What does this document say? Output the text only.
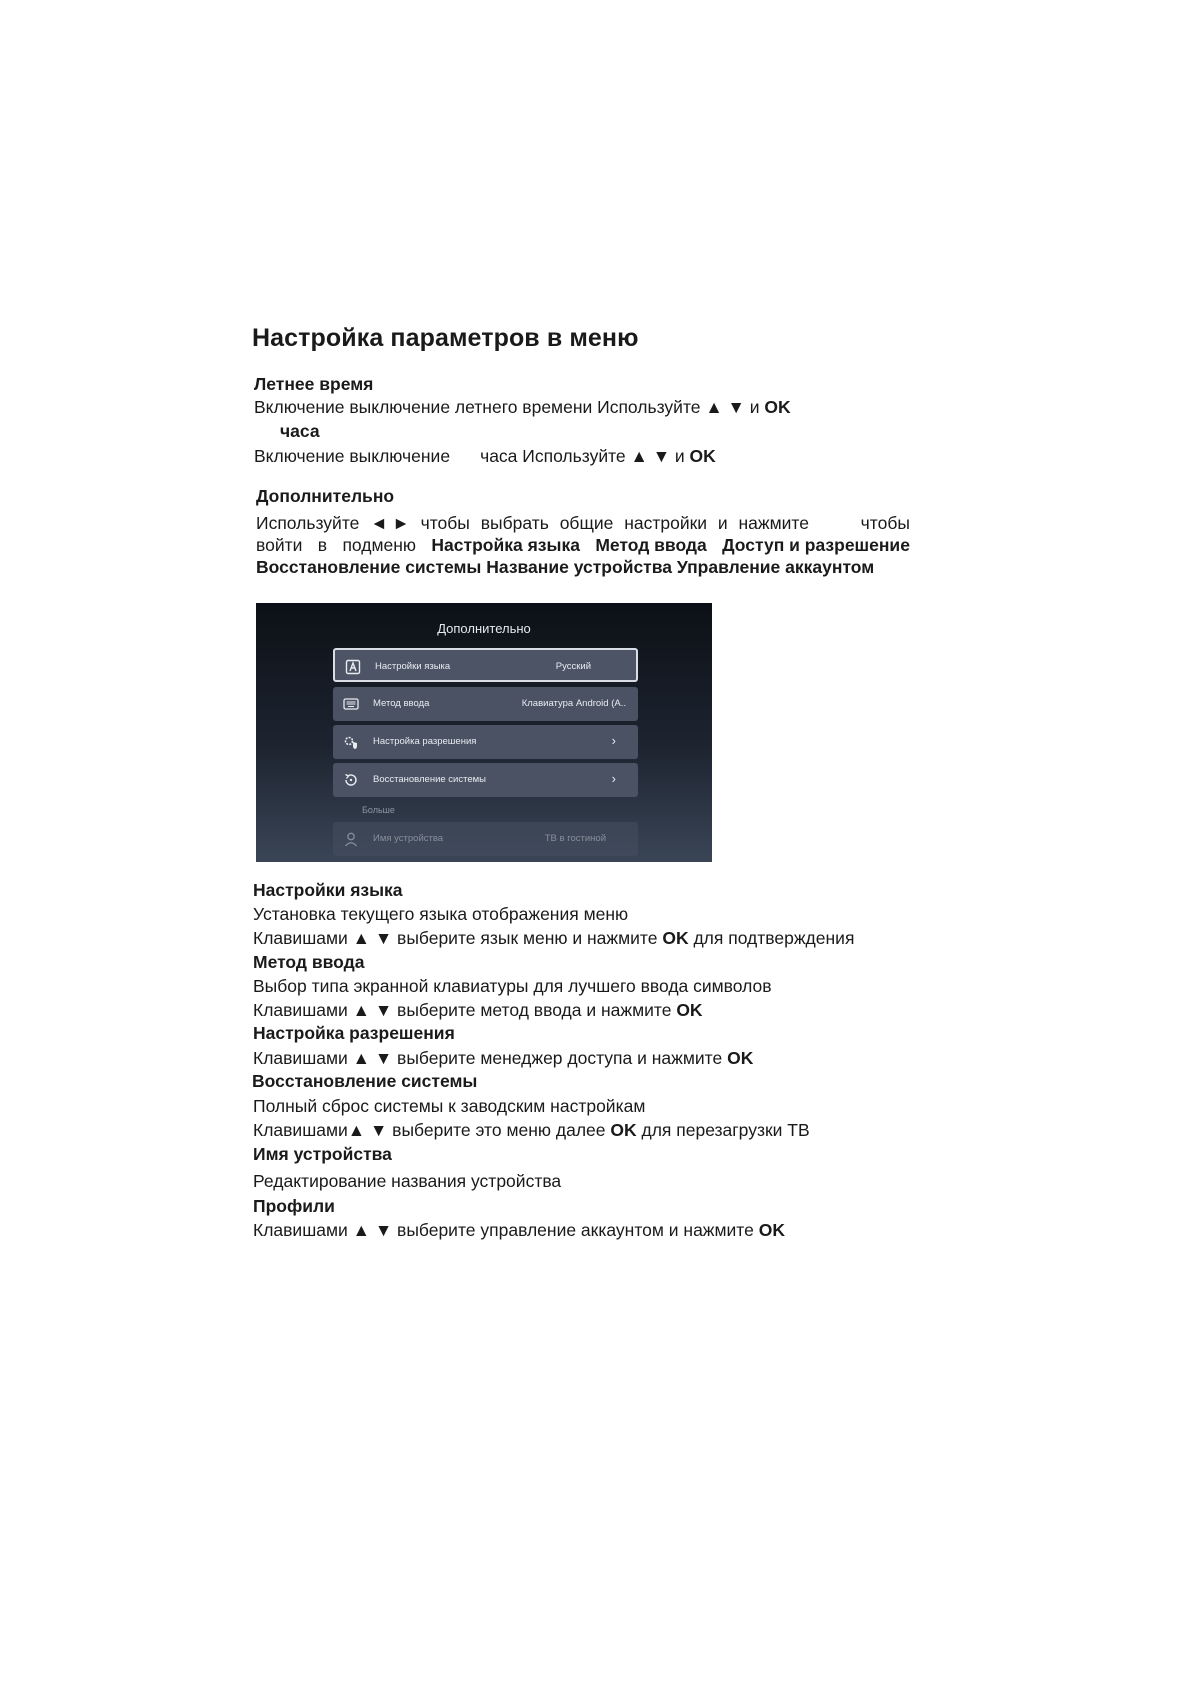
Настройка параметров в меню
Летнее время
Включение выключение летнего времени Используйте ▲ ▼ и OK
часа
Включение выключение часа Используйте ▲ ▼ и OK
Дополнительно
Используйте ◄ ► чтобы выбрать общие настройки и нажмите	чтобы
войти в подменю Настройка языка Метод ввода Доступ и разрешение
Восстановление системы Название устройства Управление аккаунтом
Дополнительно
Настройки языка	Русский
Метод ввода	Клавиатура Android (A..
Настройка разрешения	›
Восстановление системы	›
Больше
Имя устройства	ТВ в гостиной
Настройки языка
Установка текущего языка отображения меню
Клавишами ▲ ▼ выберите язык меню и нажмите OK для подтверждения
Метод ввода
Выбор типа экранной клавиатуры для лучшего ввода символов
Клавишами ▲ ▼ выберите метод ввода и нажмите OK
Настройка разрешения
Клавишами ▲ ▼ выберите менеджер доступа и нажмите OK
Восстановление системы
Полный сброс системы к заводским настройкам
Клавишами▲ ▼ выберите это меню далее OK для перезагрузки ТВ
Имя устройства
Редактирование названия устройства
Профили
Клавишами ▲ ▼ выберите управление аккаунтом и нажмите OK
